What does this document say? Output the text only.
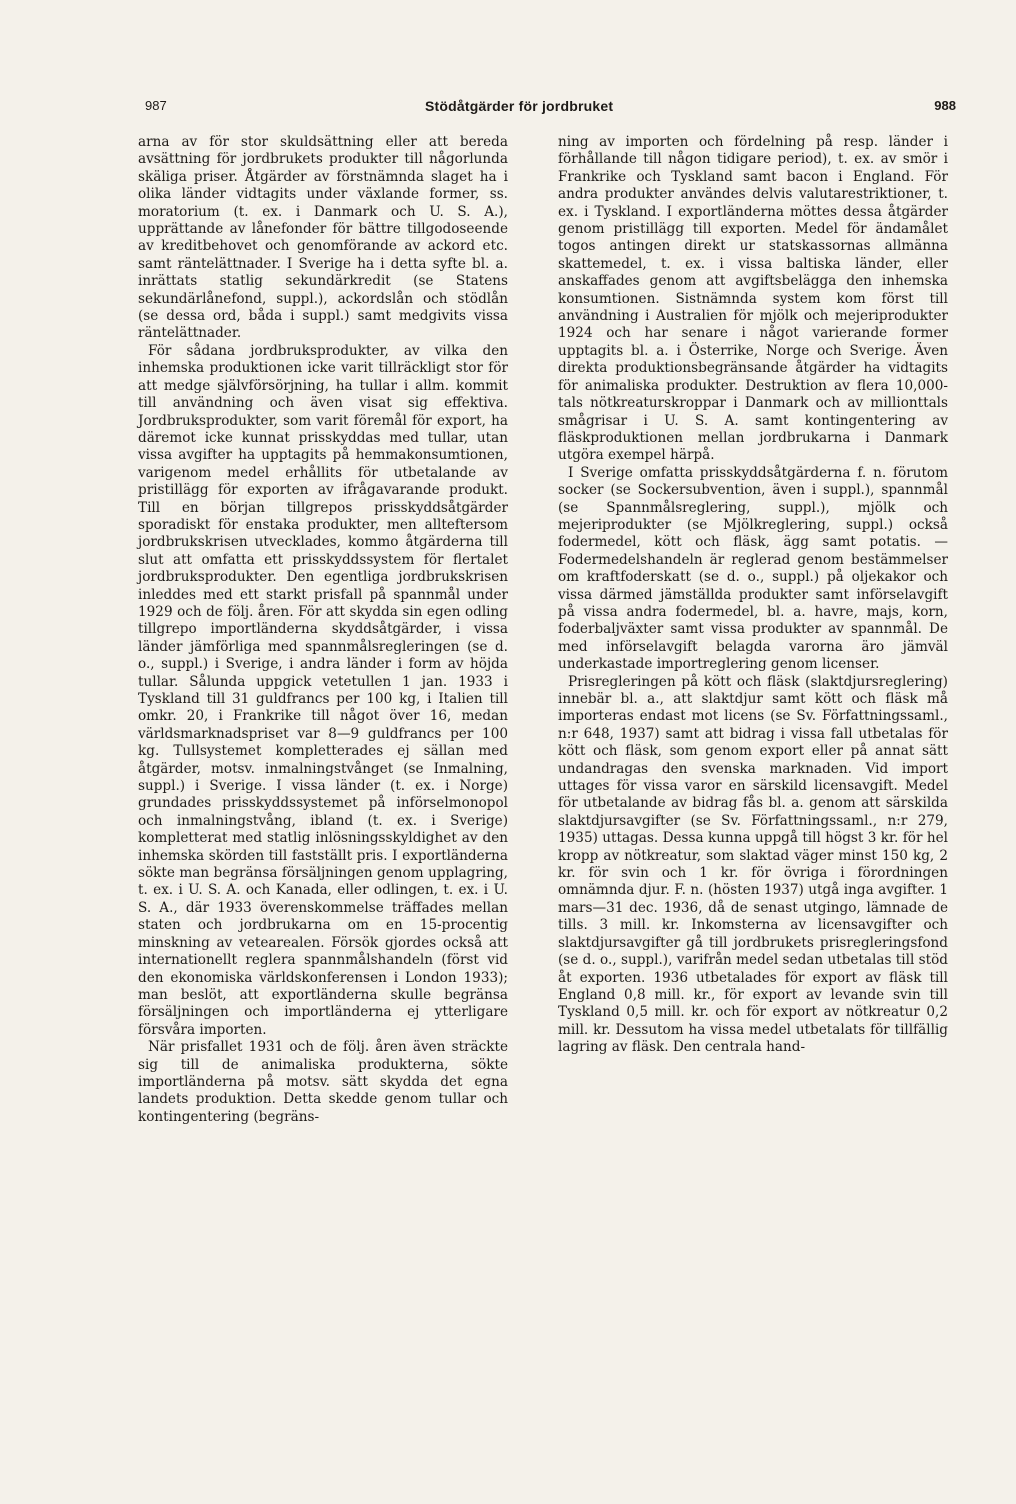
987	Stödåtgärder för jordbruket	988

arna av för stor skuldsättning eller att bereda avsättning för jordbrukets produkter till någorlunda skäliga priser. Åtgärder av förstnämnda slaget ha i olika länder vidtagits under växlande former, ss. moratorium (t. ex. i Danmark och U. S. A.), upprättande av lånefonder för bättre tillgodoseende av kreditbehovet och genomförande av ackord etc. samt räntelättnader. I Sverige ha i detta syfte bl. a. inrättats statlig sekundärkredit (se Statens sekundärlånefond, suppl.), ackordslån och stödlån (se dessa ord, båda i suppl.) samt medgivits vissa räntelättnader.

För sådana jordbruksprodukter, av vilka den inhemska produktionen icke varit tillräckligt stor för att medge självförsörjning, ha tullar i allm. kommit till användning och även visat sig effektiva. Jordbruksprodukter, som varit föremål för export, ha däremot icke kunnat prisskyddas med tullar, utan vissa avgifter ha upptagits på hemmakonsumtionen, varigenom medel erhållits för utbetalande av pristillägg för exporten av ifrågavarande produkt. Till en början tillgrepos prisskyddsåtgärder sporadiskt för enstaka produkter, men allteftersom jordbrukskrisen utvecklades, kommo åtgärderna till slut att omfatta ett prisskyddssystem för flertalet jordbruksprodukter. Den egentliga jordbrukskrisen inleddes med ett starkt prisfall på spannmål under 1929 och de följ. åren. För att skydda sin egen odling tillgrepo importländerna skyddsåtgärder, i vissa länder jämförliga med spannmålsregleringen (se d. o., suppl.) i Sverige, i andra länder i form av höjda tullar. Sålunda uppgick vetetullen 1 jan. 1933 i Tyskland till 31 guldfrancs per 100 kg, i Italien till omkr. 20, i Frankrike till något över 16, medan världsmarknadspriset var 8—9 guldfrancs per 100 kg. Tullsystemet kompletterades ej sällan med åtgärder, motsv. inmalningstvånget (se Inmalning, suppl.) i Sverige. I vissa länder (t. ex. i Norge) grundades prisskyddssystemet på införselmonopol och inmalningstvång, ibland (t. ex. i Sverige) kompletterat med statlig inlösningsskyldighet av den inhemska skörden till fastställt pris. I exportländerna sökte man begränsa försäljningen genom upplagring, t. ex. i U. S. A. och Kanada, eller odlingen, t. ex. i U. S. A., där 1933 överenskommelse träffades mellan staten och jordbrukarna om en 15-procentig minskning av vetearealen. Försök gjordes också att internationellt reglera spannmålshandeln (först vid den ekonomiska världskonferensen i London 1933); man beslöt, att exportländerna skulle begränsa försäljningen och importländerna ej ytterligare försvåra importen.

När prisfallet 1931 och de följ. åren även sträckte sig till de animaliska produkterna, sökte importländerna på motsv. sätt skydda det egna landets produktion. Detta skedde genom tullar och kontingentering (begräns-

ning av importen och fördelning på resp. länder i förhållande till någon tidigare period), t. ex. av smör i Frankrike och Tyskland samt bacon i England. För andra produkter användes delvis valutarestriktioner, t. ex. i Tyskland. I exportländerna möttes dessa åtgärder genom pristillägg till exporten. Medel för ändamålet togos antingen direkt ur statskassornas allmänna skattemedel, t. ex. i vissa baltiska länder, eller anskaffades genom att avgiftsbelägga den inhemska konsumtionen. Sistnämnda system kom först till användning i Australien för mjölk och mejeriprodukter 1924 och har senare i något varierande former upptagits bl. a. i Österrike, Norge och Sverige. Även direkta produktionsbegränsande åtgärder ha vidtagits för animaliska produkter. Destruktion av flera 10,000-tals nötkreaturskroppar i Danmark och av millionttals smågrisar i U. S. A. samt kontingentering av fläskproduktionen mellan jordbrukarna i Danmark utgöra exempel härpå.

I Sverige omfatta prisskyddsåtgärderna f. n. förutom socker (se Sockersubvention, även i suppl.), spannmål (se Spannmålsreglering, suppl.), mjölk och mejeriprodukter (se Mjölkreglering, suppl.) också fodermedel, kött och fläsk, ägg samt potatis. — Fodermedelshandeln är reglerad genom bestämmelser om kraftfoderskatt (se d. o., suppl.) på oljekakor och vissa därmed jämställda produkter samt införselavgift på vissa andra fodermedel, bl. a. havre, majs, korn, foderbaljväxter samt vissa produkter av spannmål. De med införselavgift belagda varorna äro jämväl underkastade importreglering genom licenser.

Prisregleringen på kött och fläsk (slaktdjursreglering) innebär bl. a., att slaktdjur samt kött och fläsk må importeras endast mot licens (se Sv. Författningssaml., n:r 648, 1937) samt att bidrag i vissa fall utbetalas för kött och fläsk, som genom export eller på annat sätt undandragas den svenska marknaden. Vid import uttages för vissa varor en särskild licensavgift. Medel för utbetalande av bidrag fås bl. a. genom att särskilda slaktdjursavgifter (se Sv. Författningssaml., n:r 279, 1935) uttagas. Dessa kunna uppgå till högst 3 kr. för hel kropp av nötkreatur, som slaktad väger minst 150 kg, 2 kr. för svin och 1 kr. för övriga i förordningen omnämnda djur. F. n. (hösten 1937) utgå inga avgifter. 1 mars—31 dec. 1936, då de senast utgingo, lämnade de tills. 3 mill. kr. Inkomsterna av licensavgifter och slaktdjursavgifter gå till jordbrukets prisregleringsfond (se d. o., suppl.), varifrån medel sedan utbetalas till stöd åt exporten. 1936 utbetalades för export av fläsk till England 0,8 mill. kr., för export av levande svin till Tyskland 0,5 mill. kr. och för export av nötkreatur 0,2 mill. kr. Dessutom ha vissa medel utbetalats för tillfällig lagring av fläsk. Den centrala hand-
